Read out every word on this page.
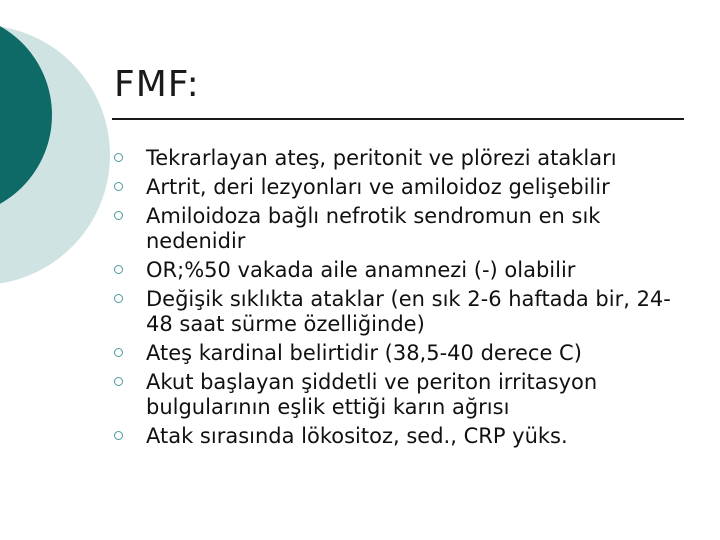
FMF:
Tekrarlayan ateş, peritonit ve plörezi atakları
Artrit, deri lezyonları ve amiloidoz gelişebilir
Amiloidoza bağlı nefrotik sendromun en sık nedenidir
OR;%50 vakada aile anamnezi (-) olabilir
Değişik sıklıkta ataklar (en sık 2-6 haftada bir, 24-48 saat sürme özelliğinde)
Ateş kardinal belirtidir (38,5-40 derece C)
Akut başlayan şiddetli ve periton irritasyon bulgularının eşlik ettiği karın ağrısı
Atak sırasında lökositoz, sed., CRP yüks.
